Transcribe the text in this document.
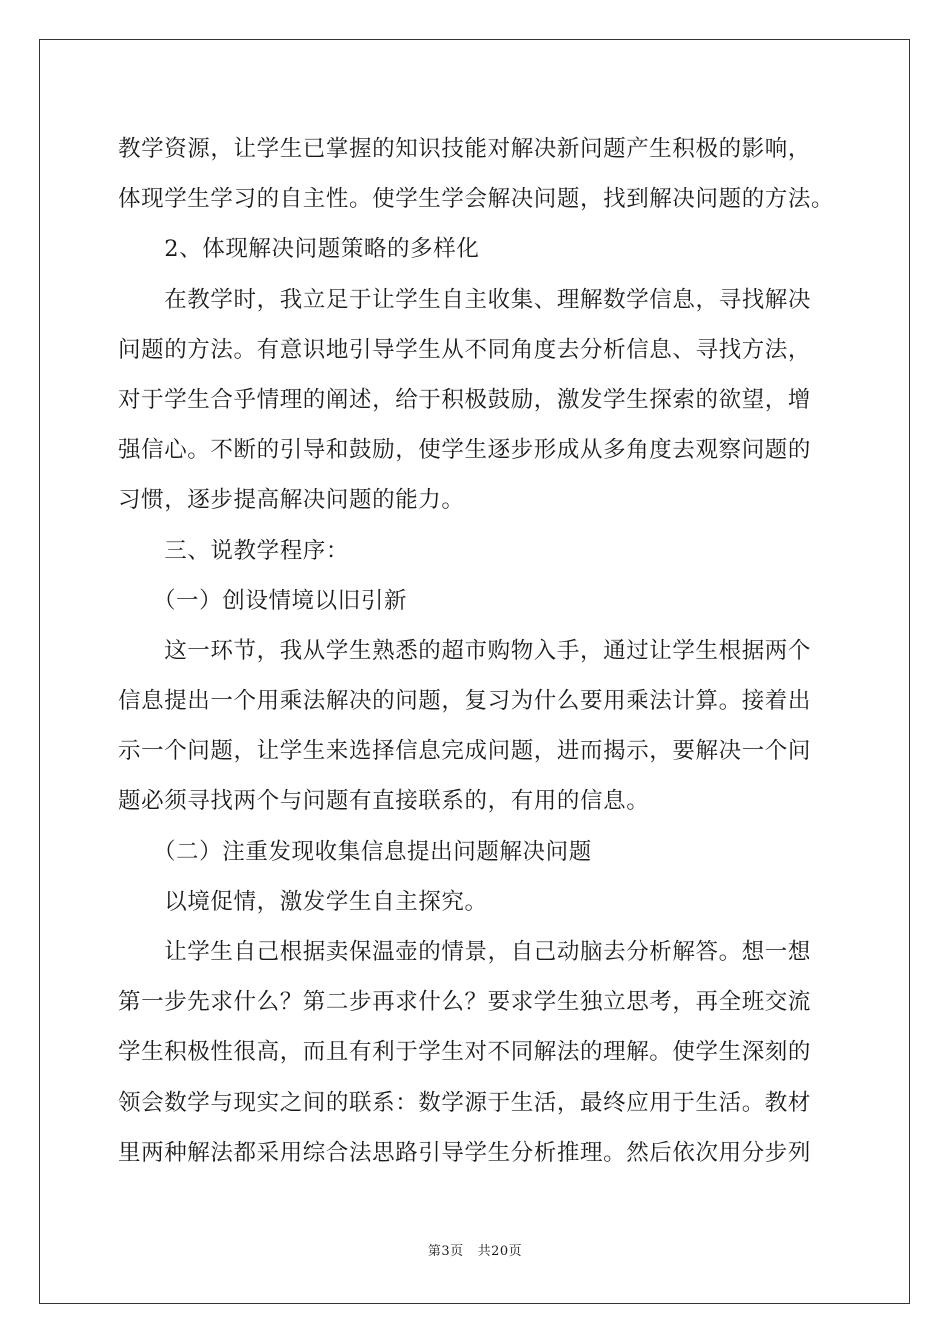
教学资源，让学生已掌握的知识技能对解决新问题产生积极的影响，
体现学生学习的自主性。使学生学会解决问题，找到解决问题的方法。
　　2、体现解决问题策略的多样化
　　在教学时，我立足于让学生自主收集、理解数学信息，寻找解决
问题的方法。有意识地引导学生从不同角度去分析信息、寻找方法，
对于学生合乎情理的阐述，给于积极鼓励，激发学生探索的欲望，增
强信心。不断的引导和鼓励，使学生逐步形成从多角度去观察问题的
习惯，逐步提高解决问题的能力。
　　三、说教学程序：
　　（一）创设情境以旧引新
　　这一环节，我从学生熟悉的超市购物入手，通过让学生根据两个
信息提出一个用乘法解决的问题，复习为什么要用乘法计算。接着出
示一个问题，让学生来选择信息完成问题，进而揭示，要解决一个问
题必须寻找两个与问题有直接联系的，有用的信息。
　　（二）注重发现收集信息提出问题解决问题
　　以境促情，激发学生自主探究。
　　让学生自己根据卖保温壶的情景，自己动脑去分析解答。想一想
第一步先求什么？第二步再求什么？要求学生独立思考，再全班交流
学生积极性很高，而且有利于学生对不同解法的理解。使学生深刻的
领会数学与现实之间的联系：数学源于生活，最终应用于生活。教材
里两种解法都采用综合法思路引导学生分析推理。然后依次用分步列
第3页 共20页
